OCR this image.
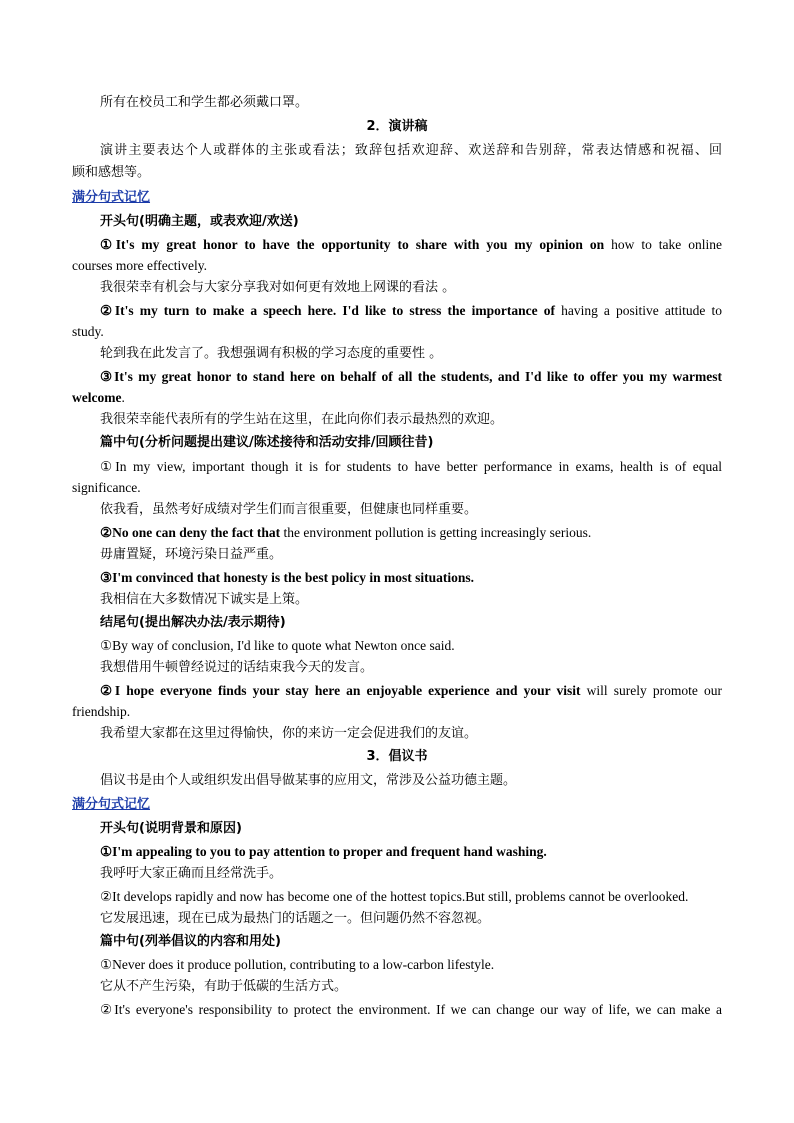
所有在校员工和学生都必须戴口罩。
2．演讲稿
演讲主要表达个人或群体的主张或看法；致辞包括欢迎辞、欢送辞和告别辞，常表达情感和祝福、回
顾和感想等。
满分句式记忆
开头句(明确主题，或表欢迎/欢送)
①It's my great honor to have the opportunity to share with you my opinion on how to take online
courses more effectively.
我很荣幸有机会与大家分享我对如何更有效地上网课的看法 。
②It's my turn to make a speech here. I'd like to stress the importance of having a positive attitude to
study.
轮到我在此发言了。我想强调有积极的学习态度的重要性 。
③It's my great honor to stand here on behalf of all the students, and I'd like to offer you my warmest
welcome.
我很荣幸能代表所有的学生站在这里，在此向你们表示最热烈的欢迎。
篇中句(分析问题提出建议/陈述接待和活动安排/回顾往昔)
①In my view, important though it is for students to have better performance in exams, health is of equal
significance.
依我看，虽然考好成绩对学生们而言很重要，但健康也同样重要。
②No one can deny the fact that the environment pollution is getting increasingly serious.
毋庸置疑，环境污染日益严重。
③I'm convinced that honesty is the best policy in most situations.
我相信在大多数情况下诚实是上策。
结尾句(提出解决办法/表示期待)
①By way of conclusion, I'd like to quote what Newton once said.
我想借用牛顿曾经说过的话结束我今天的发言。
②I hope everyone finds your stay here an enjoyable experience and your visit will surely promote our
friendship.
我希望大家都在这里过得愉快，你的来访一定会促进我们的友谊。
3．倡议书
倡议书是由个人或组织发出倡导做某事的应用文，常涉及公益功德主题。
满分句式记忆
开头句(说明背景和原因)
①I'm appealing to you to pay attention to proper and frequent hand washing.
我呼吁大家正确而且经常洗手。
②It develops rapidly and now has become one of the hottest topics.But still, problems cannot be overlooked.
它发展迅速，现在已成为最热门的话题之一。但问题仍然不容忽视。
篇中句(列举倡议的内容和用处)
①Never does it produce pollution, contributing to a low-carbon lifestyle.
它从不产生污染，有助于低碳的生活方式。
②It's everyone's responsibility to protect the environment. If we can change our way of life, we can make a
